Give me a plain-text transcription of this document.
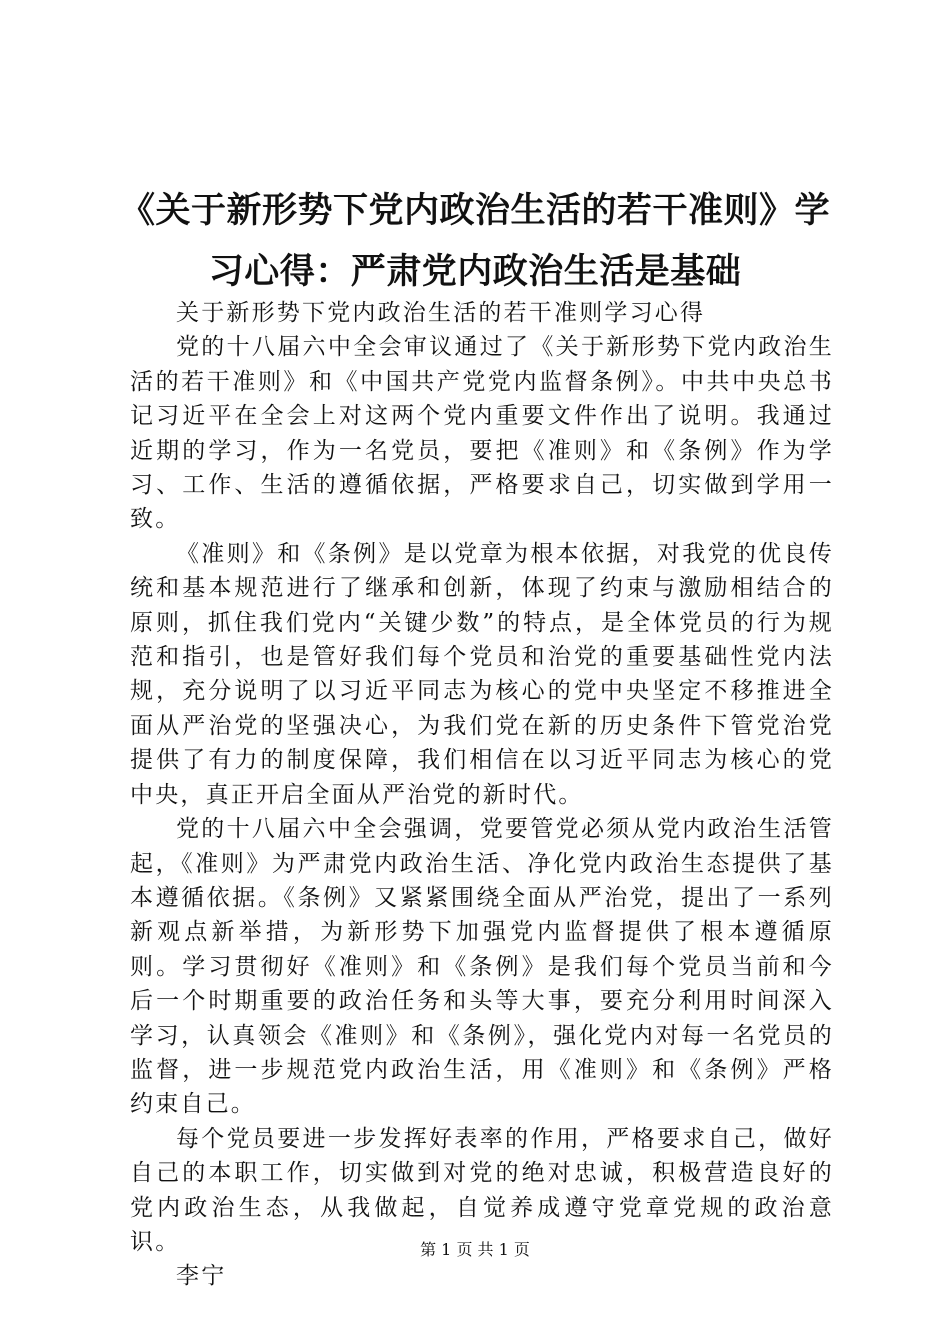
《关于新形势下党内政治生活的若干准则》学习心得：严肃党内政治生活是基础

关于新形势下党内政治生活的若干准则学习心得

党的十八届六中全会审议通过了《关于新形势下党内政治生活的若干准则》和《中国共产党党内监督条例》。中共中央总书记习近平在全会上对这两个党内重要文件作出了说明。我通过近期的学习，作为一名党员，要把《准则》和《条例》作为学习、工作、生活的遵循依据，严格要求自己，切实做到学用一致。

《准则》和《条例》是以党章为根本依据，对我党的优良传统和基本规范进行了继承和创新，体现了约束与激励相结合的原则，抓住我们党内“关键少数”的特点，是全体党员的行为规范和指引，也是管好我们每个党员和治党的重要基础性党内法规，充分说明了以习近平同志为核心的党中央坚定不移推进全面从严治党的坚强决心，为我们党在新的历史条件下管党治党提供了有力的制度保障，我们相信在以习近平同志为核心的党中央，真正开启全面从严治党的新时代。

党的十八届六中全会强调，党要管党必须从党内政治生活管起，《准则》为严肃党内政治生活、净化党内政治生态提供了基本遵循依据。《条例》又紧紧围绕全面从严治党，提出了一系列新观点新举措，为新形势下加强党内监督提供了根本遵循原则。学习贯彻好《准则》和《条例》是我们每个党员当前和今后一个时期重要的政治任务和头等大事，要充分利用时间深入学习，认真领会《准则》和《条例》，强化党内对每一名党员的监督，进一步规范党内政治生活，用《准则》和《条例》严格约束自己。

每个党员要进一步发挥好表率的作用，严格要求自己，做好自己的本职工作，切实做到对党的绝对忠诚，积极营造良好的党内政治生态，从我做起，自觉养成遵守党章党规的政治意识。

李宁

第 1 页 共 1 页
